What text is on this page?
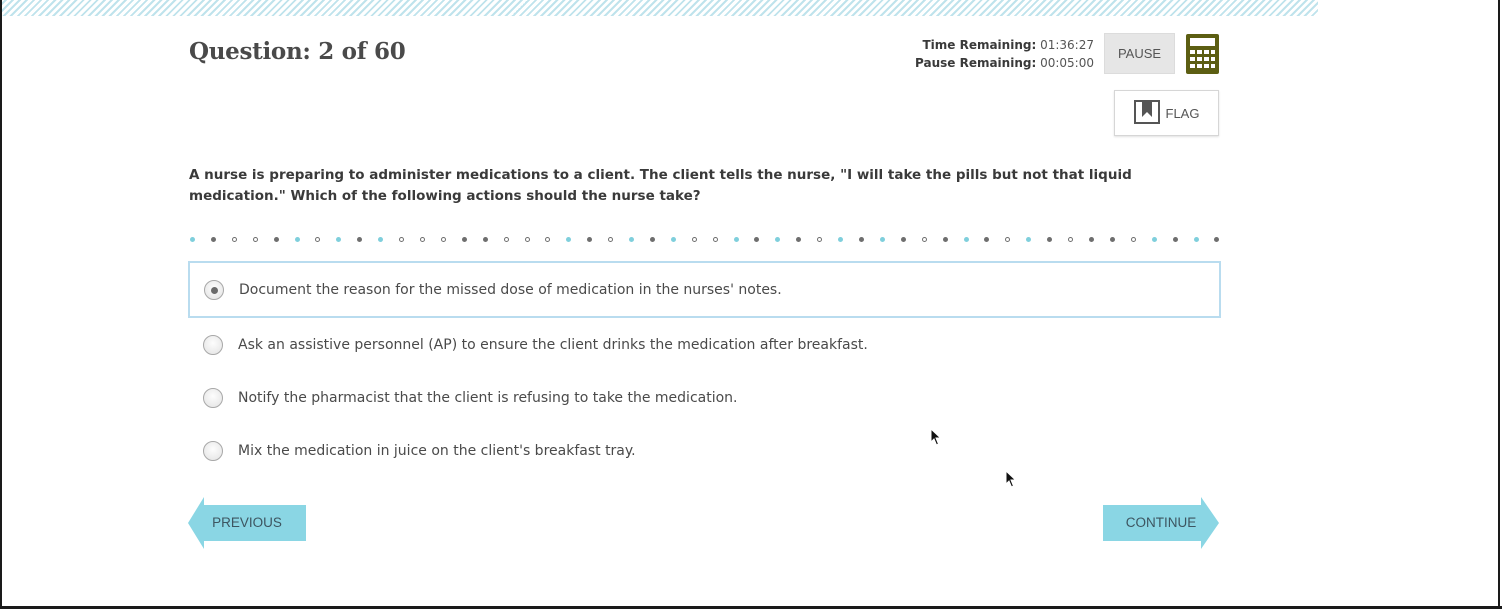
Question: 2 of 60	Time Remaining: 01:36:27
Pause Remaining: 00:05:00
PAUSE
FLAG
A nurse is preparing to administer medications to a client. The client tells the nurse, "I will take the pills but not that liquid medication." Which of the following actions should the nurse take?
Document the reason for the missed dose of medication in the nurses' notes.
Ask an assistive personnel (AP) to ensure the client drinks the medication after breakfast.
Notify the pharmacist that the client is refusing to take the medication.
Mix the medication in juice on the client's breakfast tray.
PREVIOUS	CONTINUE
